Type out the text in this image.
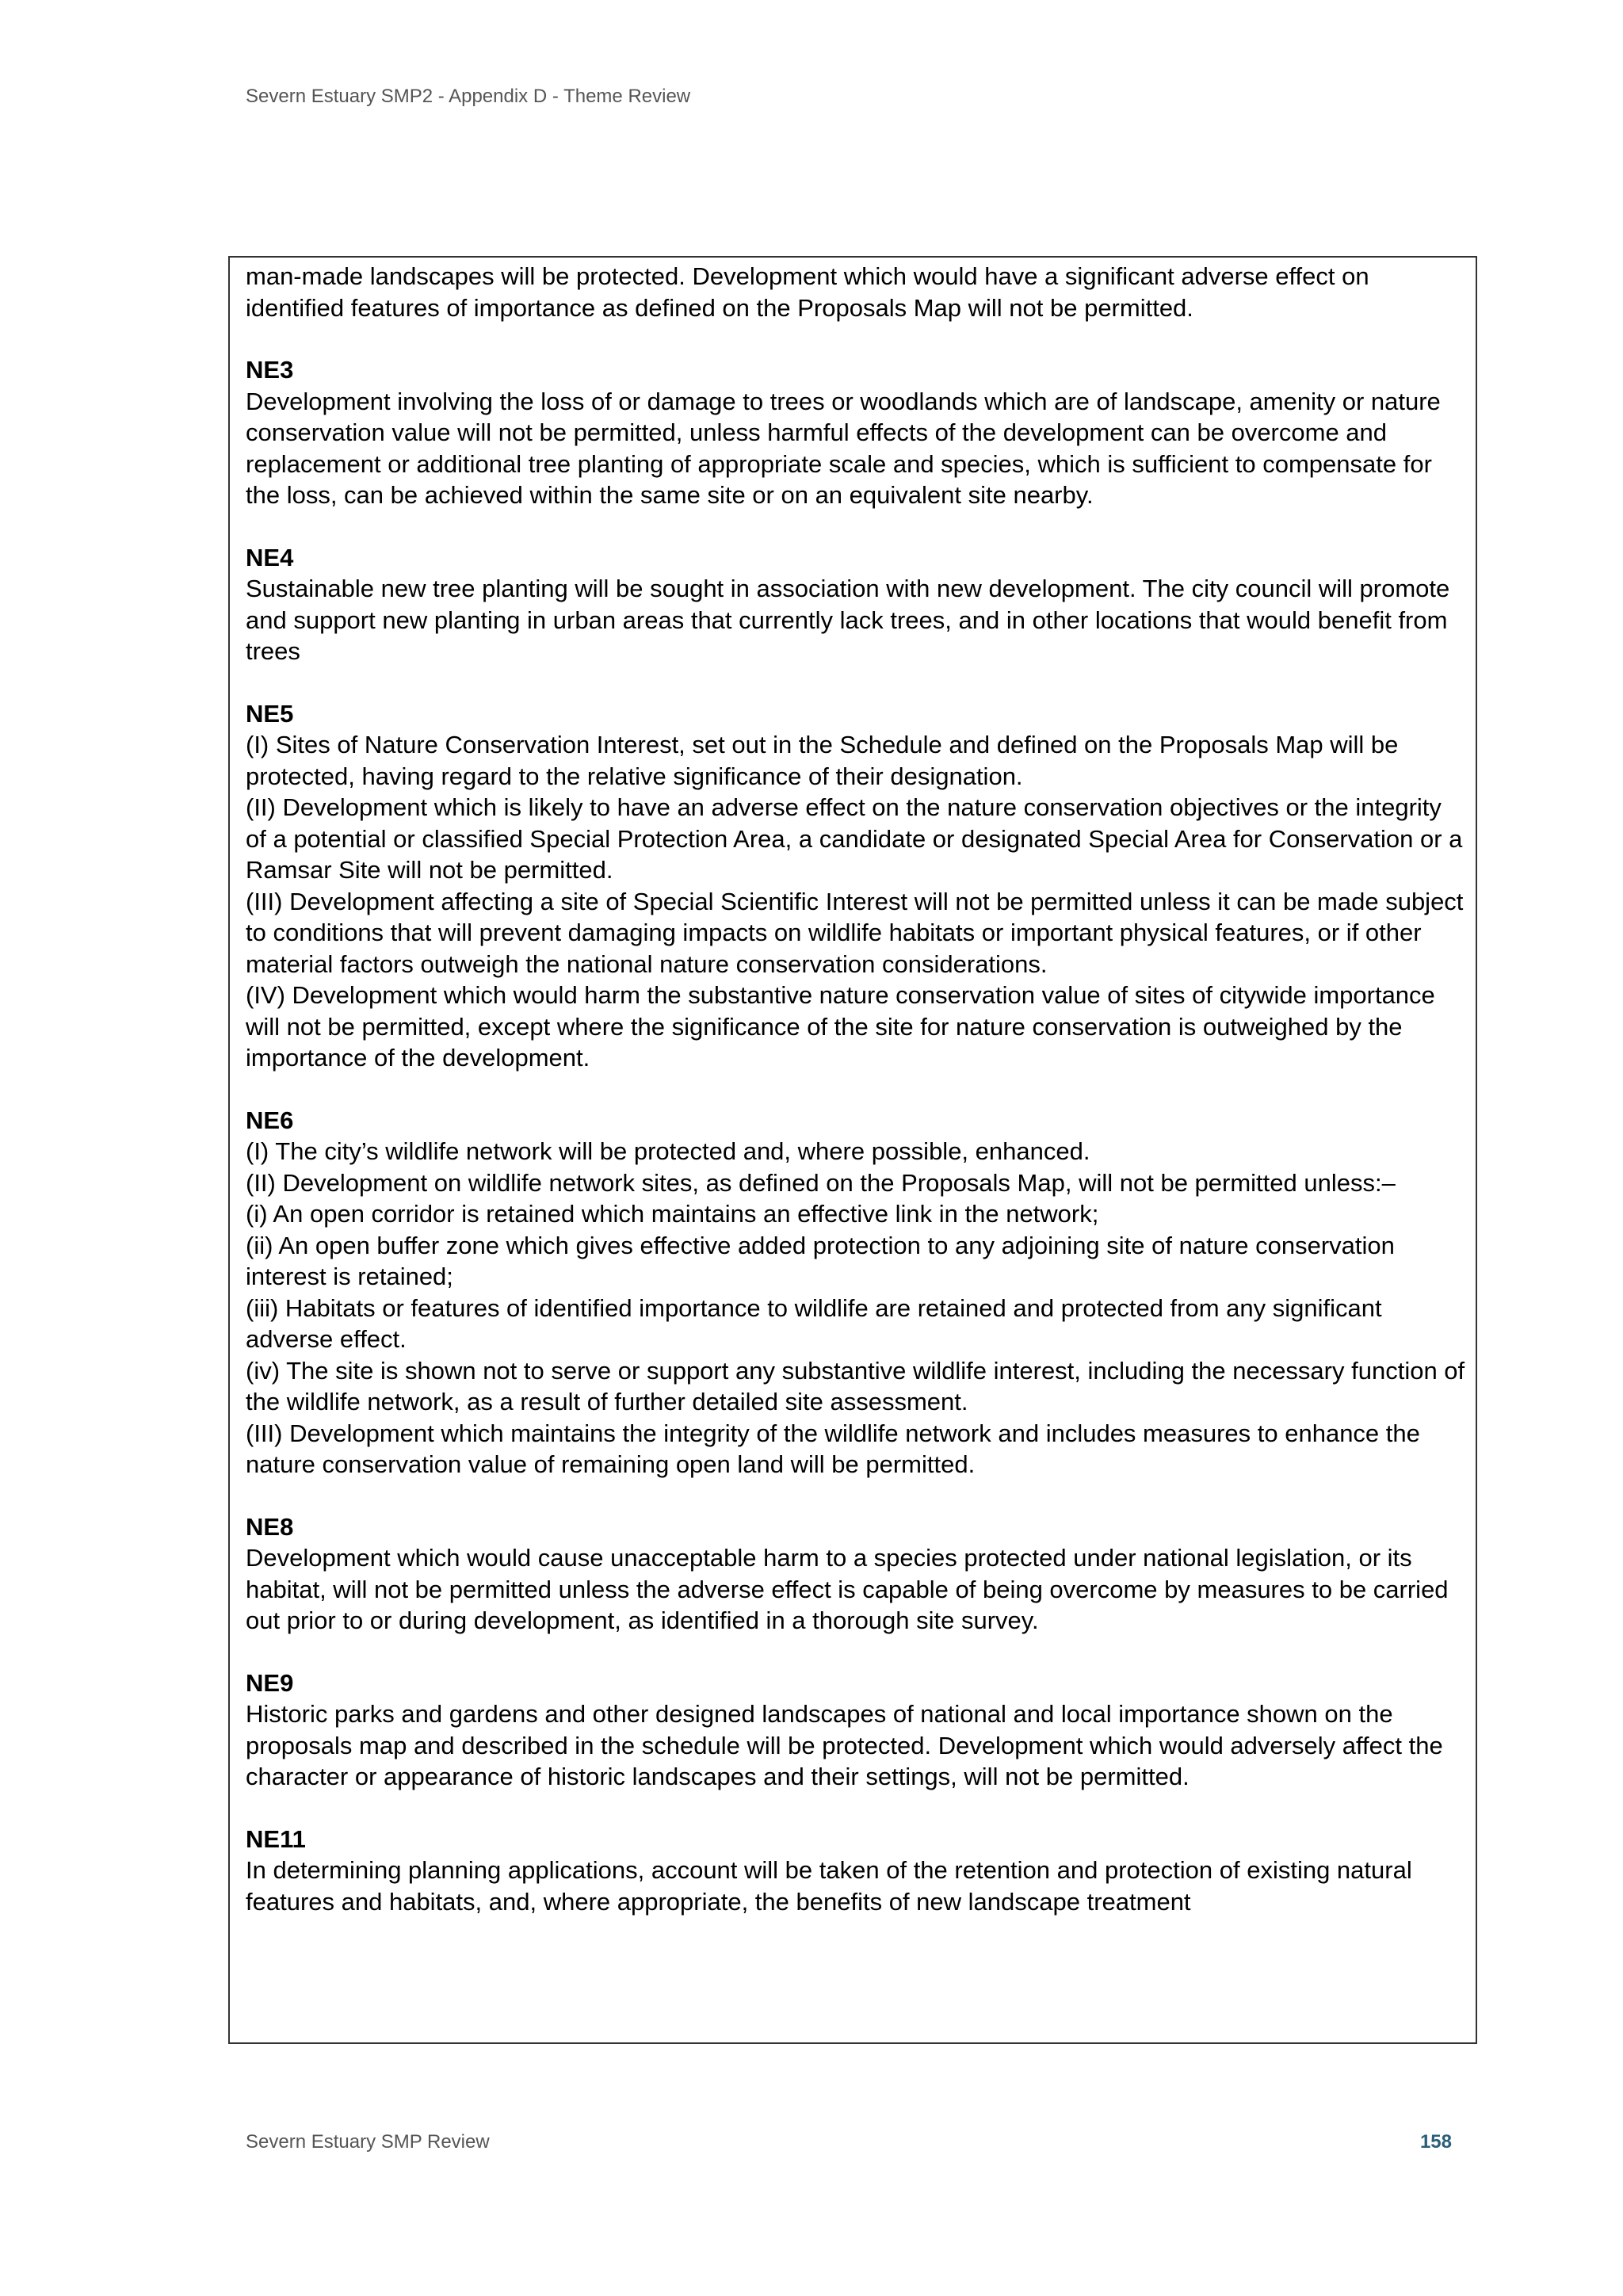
Severn Estuary SMP2 - Appendix D - Theme Review

man-made landscapes will be protected. Development which would have a significant adverse effect on identified features of importance as defined on the Proposals Map will not be permitted.

NE3

Development involving the loss of or damage to trees or woodlands which are of landscape, amenity or nature conservation value will not be permitted, unless harmful effects of the development can be overcome and replacement or additional tree planting of appropriate scale and species, which is sufficient to compensate for the loss, can be achieved within the same site or on an equivalent site nearby.

NE4

Sustainable new tree planting will be sought in association with new development. The city council will promote and support new planting in urban areas that currently lack trees, and in other locations that would benefit from trees

NE5

(I) Sites of Nature Conservation Interest, set out in the Schedule and defined on the Proposals Map will be protected, having regard to the relative significance of their designation.

(II) Development which is likely to have an adverse effect on the nature conservation objectives or the integrity of a potential or classified Special Protection Area, a candidate or designated Special Area for Conservation or a Ramsar Site will not be permitted.

(III) Development affecting a site of Special Scientific Interest will not be permitted unless it can be made subject to conditions that will prevent damaging impacts on wildlife habitats or important physical features, or if other material factors outweigh the national nature conservation considerations.

(IV) Development which would harm the substantive nature conservation value of sites of citywide importance will not be permitted, except where the significance of the site for nature conservation is outweighed by the importance of the development.

NE6

(I) The city’s wildlife network will be protected and, where possible, enhanced.

(II) Development on wildlife network sites, as defined on the Proposals Map, will not be permitted unless:–

(i) An open corridor is retained which maintains an effective link in the network;

(ii) An open buffer zone which gives effective added protection to any adjoining site of nature conservation interest is retained;

(iii) Habitats or features of identified importance to wildlife are retained and protected from any significant adverse effect.

(iv) The site is shown not to serve or support any substantive wildlife interest, including the necessary function of the wildlife network, as a result of further detailed site assessment.

(III) Development which maintains the integrity of the wildlife network and includes measures to enhance the nature conservation value of remaining open land will be permitted.

NE8

Development which would cause unacceptable harm to a species protected under national legislation, or its habitat, will not be permitted unless the adverse effect is capable of being overcome by measures to be carried out prior to or during development, as identified in a thorough site survey.

NE9

Historic parks and gardens and other designed landscapes of national and local importance shown on the proposals map and described in the schedule will be protected. Development which would adversely affect the character or appearance of historic landscapes and their settings, will not be permitted.

NE11

In determining planning applications, account will be taken of the retention and protection of existing natural features and habitats, and, where appropriate, the benefits of new landscape treatment

Severn Estuary SMP Review	158
